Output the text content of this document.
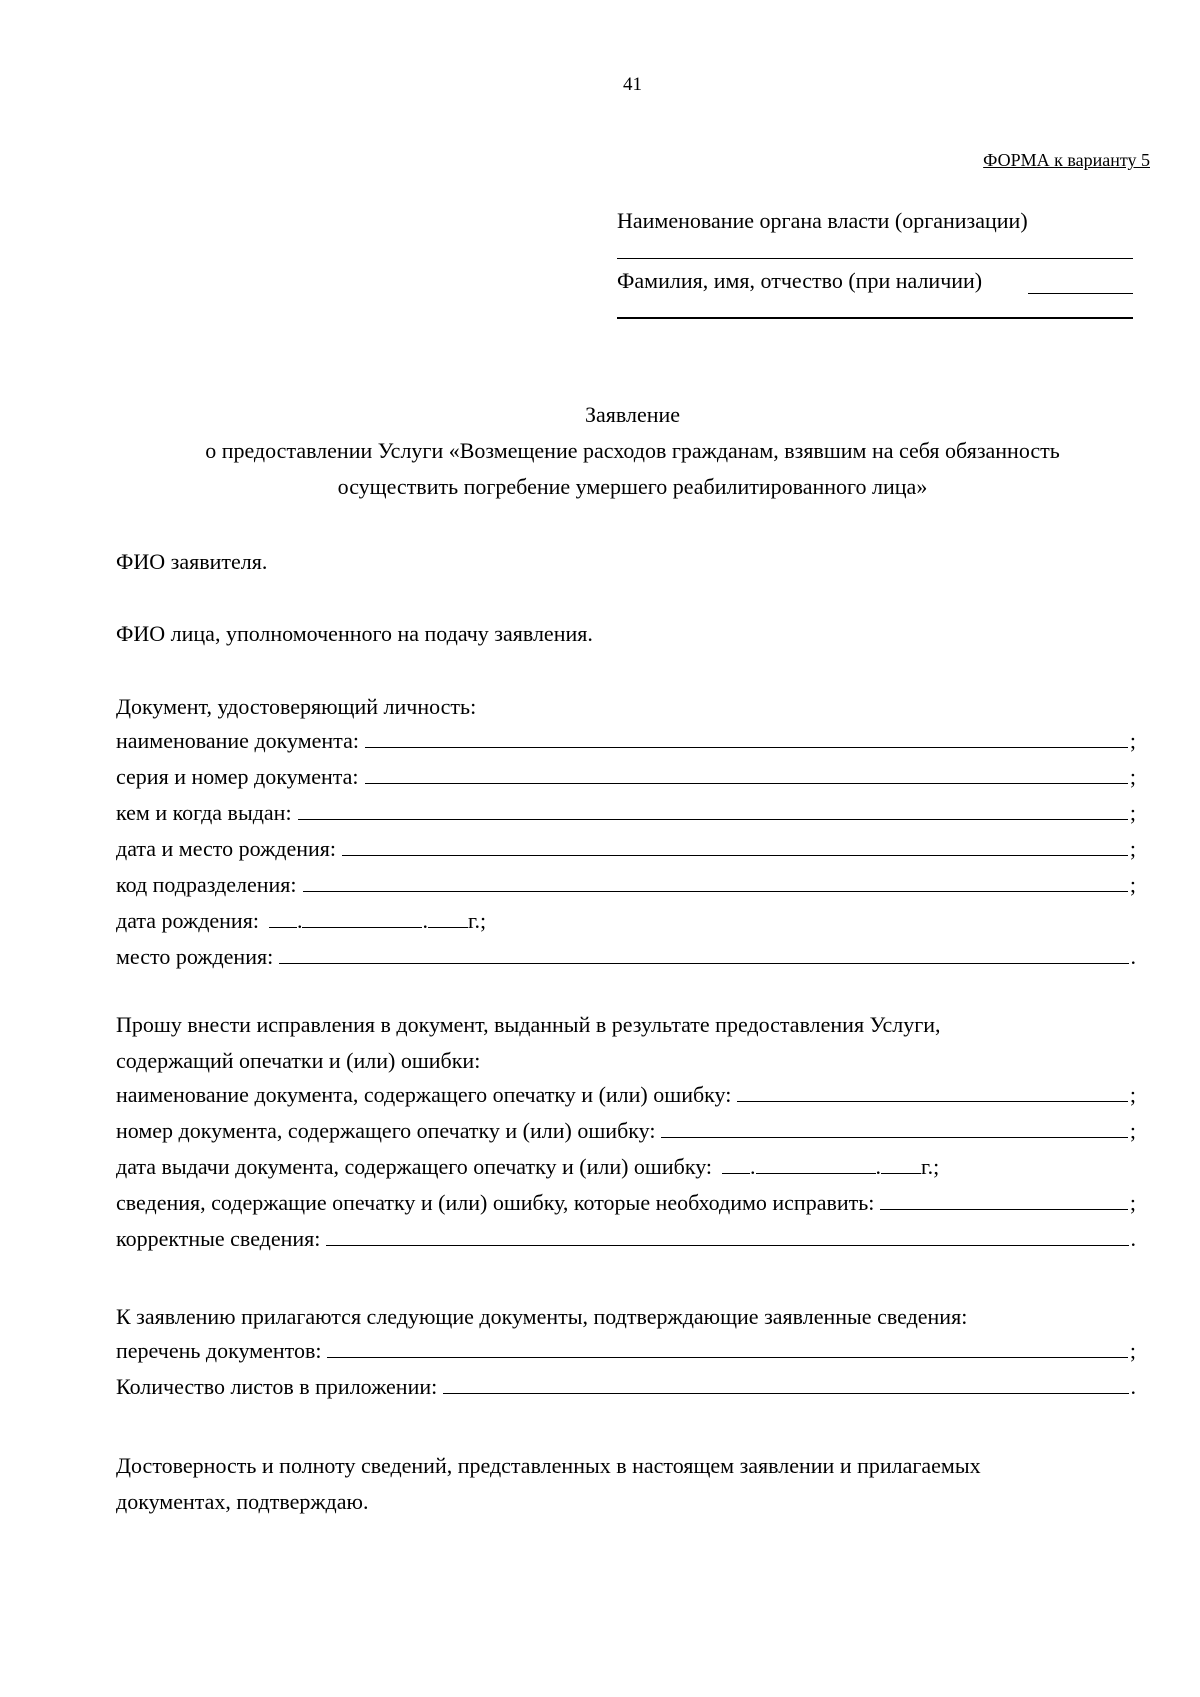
41
ФОРМА к варианту 5
Наименование органа власти (организации)
Фамилия, имя, отчество (при наличии)
Заявление
о предоставлении Услуги «Возмещение расходов гражданам, взявшим на себя обязанность
осуществить погребение умершего реабилитированного лица»
ФИО заявителя.
ФИО лица, уполномоченного на подачу заявления.
Документ, удостоверяющий личность:
наименование документа:	;
серия и номер документа:	;
кем и когда выдан:	;
дата и место рождения:	;
код подразделения:	;
дата рождения: .	. г.;
место рождения:	.
Прошу внести исправления в документ, выданный в результате предоставления Услуги,
содержащий опечатки и (или) ошибки:
наименование документа, содержащего опечатку и (или) ошибку:	;
номер документа, содержащего опечатку и (или) ошибку:	;
дата выдачи документа, содержащего опечатку и (или) ошибку: .	. г.;
сведения, содержащие опечатку и (или) ошибку, которые необходимо исправить:	;
корректные сведения:	.
К заявлению прилагаются следующие документы, подтверждающие заявленные сведения:
перечень документов:	;
Количество листов в приложении:	.
Достоверность и полноту сведений, представленных в настоящем заявлении и прилагаемых
документах, подтверждаю.
